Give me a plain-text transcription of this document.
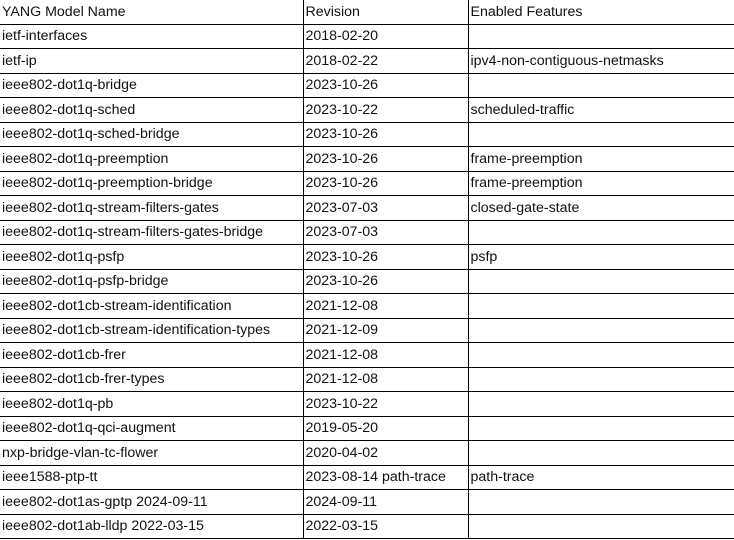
YANG Model Name	Revision	Enabled Features
ietf-interfaces	2018-02-20	
ietf-ip	2018-02-22	ipv4-non-contiguous-netmasks
ieee802-dot1q-bridge	2023-10-26	
ieee802-dot1q-sched	2023-10-22	scheduled-traffic
ieee802-dot1q-sched-bridge	2023-10-26	
ieee802-dot1q-preemption	2023-10-26	frame-preemption
ieee802-dot1q-preemption-bridge	2023-10-26	frame-preemption
ieee802-dot1q-stream-filters-gates	2023-07-03	closed-gate-state
ieee802-dot1q-stream-filters-gates-bridge	2023-07-03	
ieee802-dot1q-psfp	2023-10-26	psfp
ieee802-dot1q-psfp-bridge	2023-10-26	
ieee802-dot1cb-stream-identification	2021-12-08	
ieee802-dot1cb-stream-identification-types	2021-12-09	
ieee802-dot1cb-frer	2021-12-08	
ieee802-dot1cb-frer-types	2021-12-08	
ieee802-dot1q-pb	2023-10-22	
ieee802-dot1q-qci-augment	2019-05-20	
nxp-bridge-vlan-tc-flower	2020-04-02	
ieee1588-ptp-tt	2023-08-14 path-trace	path-trace
ieee802-dot1as-gptp 2024-09-11	2024-09-11	
ieee802-dot1ab-lldp 2022-03-15	2022-03-15	
